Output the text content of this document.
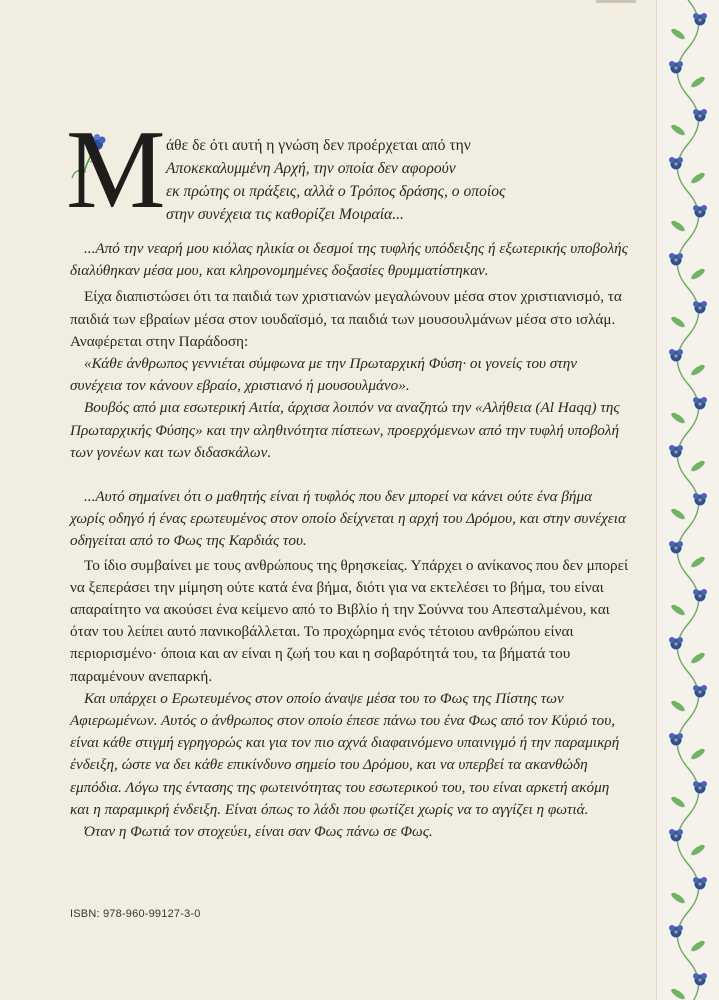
Μ άθε δε ότι αυτή η γνώση δεν προέρχεται από την
Αποκεκαλυμμένη Αρχή, την οποία δεν αφορούν
εκ πρώτης οι πράξεις, αλλά ο Τρόπος δράσης, ο οποίος
στην συνέχεια τις καθορίζει Μοιραία...

...Από την νεαρή μου κιόλας ηλικία οι δεσμοί της τυφλής υπόδειξης ή εξωτερικής υποβολής διαλύθηκαν μέσα μου, και κληρονομημένες δοξασίες θρυμματίστηκαν.

Είχα διαπιστώσει ότι τα παιδιά των χριστιανών μεγαλώνουν μέσα στον χριστιανισμό, τα παιδιά των εβραίων μέσα στον ιουδαϊσμό, τα παιδιά των μουσουλμάνων μέσα στο ισλάμ. Αναφέρεται στην Παράδοση:

«Κάθε άνθρωπος γεννιέται σύμφωνα με την Πρωταρχική Φύση· οι γονείς του στην συνέχεια τον κάνουν εβραίο, χριστιανό ή μουσουλμάνο».

Βουβός από μια εσωτερική Αιτία, άρχισα λοιπόν να αναζητώ την «Αλήθεια (Al Haqq) της Πρωταρχικής Φύσης» και την αληθινότητα πίστεων, προερχόμενων από την τυφλή υποβολή των γονέων και των διδασκάλων.

...Αυτό σημαίνει ότι ο μαθητής είναι ή τυφλός που δεν μπορεί να κάνει ούτε ένα βήμα χωρίς οδηγό ή ένας ερωτευμένος στον οποίο δείχνεται η αρχή του Δρόμου, και στην συνέχεια οδηγείται από το Φως της Καρδιάς του.

Το ίδιο συμβαίνει με τους ανθρώπους της θρησκείας. Υπάρχει ο ανίκανος που δεν μπορεί να ξεπεράσει την μίμηση ούτε κατά ένα βήμα, διότι για να εκτελέσει το βήμα, του είναι απαραίτητο να ακούσει ένα κείμενο από το Βιβλίο ή την Σούννα του Απεσταλμένου, και όταν του λείπει αυτό πανικοβάλλεται. Το προχώρημα ενός τέτοιου ανθρώπου είναι περιορισμένο· όποια και αν είναι η ζωή του και η σοβαρότητά του, τα βήματά του παραμένουν ανεπαρκή.

Και υπάρχει ο Ερωτευμένος στον οποίο άναψε μέσα του το Φως της Πίστης των Αφιερωμένων. Αυτός ο άνθρωπος στον οποίο έπεσε πάνω του ένα Φως από τον Κύριό του, είναι κάθε στιγμή εγρηγορώς και για τον πιο αχνά διαφαινόμενο υπαινιγμό ή την παραμικρή ένδειξη, ώστε να δει κάθε επικίνδυνο σημείο του Δρόμου, και να υπερβεί τα ακανθώδη εμπόδια. Λόγω της έντασης της φωτεινότητας του εσωτερικού του, του είναι αρκετή ακόμη και η παραμικρή ένδειξη. Είναι όπως το λάδι που φωτίζει χωρίς να το αγγίζει η φωτιά.

Όταν η Φωτιά τον στοχεύει, είναι σαν Φως πάνω σε Φως.

ISBN: 978-960-99127-3-0
